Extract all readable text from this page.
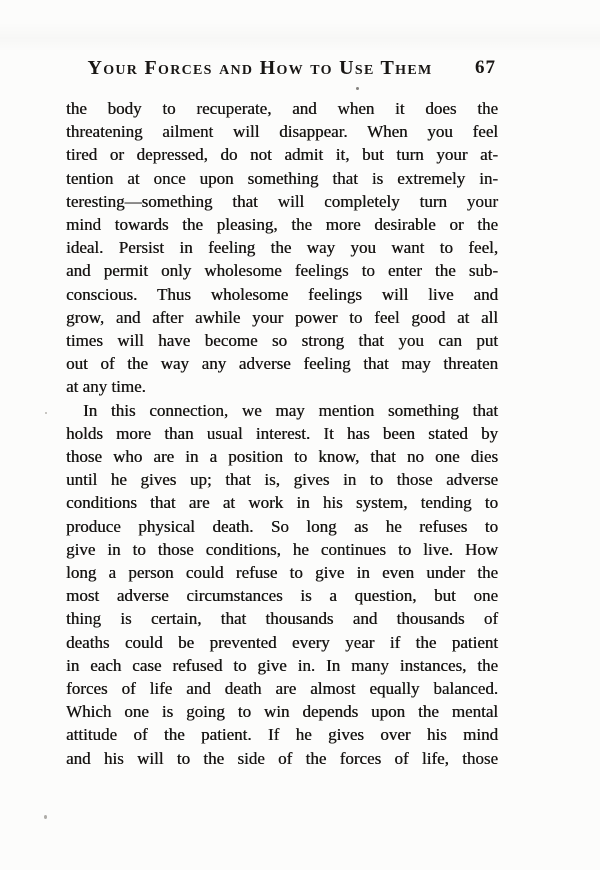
Your Forces and How to Use Them 67
the body to recuperate, and when it does the
threatening ailment will disappear. When you feel
tired or depressed, do not admit it, but turn your at-
tention at once upon something that is extremely in-
teresting—something that will completely turn your
mind towards the pleasing, the more desirable or the
ideal. Persist in feeling the way you want to feel,
and permit only wholesome feelings to enter the sub-
conscious. Thus wholesome feelings will live and
grow, and after awhile your power to feel good at all
times will have become so strong that you can put
out of the way any adverse feeling that may threaten
at any time.
In this connection, we may mention something that
holds more than usual interest. It has been stated by
those who are in a position to know, that no one dies
until he gives up; that is, gives in to those adverse
conditions that are at work in his system, tending to
produce physical death. So long as he refuses to
give in to those conditions, he continues to live. How
long a person could refuse to give in even under the
most adverse circumstances is a question, but one
thing is certain, that thousands and thousands of
deaths could be prevented every year if the patient
in each case refused to give in. In many instances, the
forces of life and death are almost equally balanced.
Which one is going to win depends upon the mental
attitude of the patient. If he gives over his mind
and his will to the side of the forces of life, those
